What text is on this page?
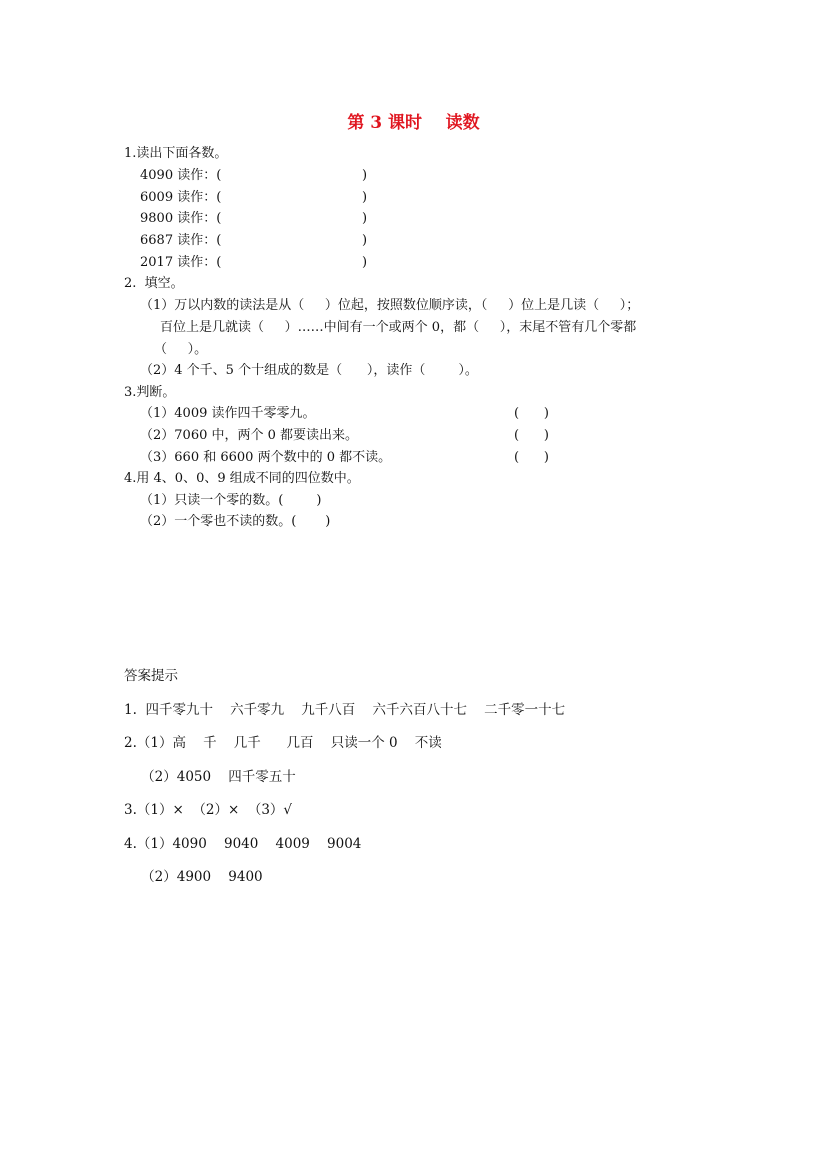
第 3 课时    读数
1.读出下面各数。
4090 读作：(	)
6009 读作：(	)
9800 读作：(	)
6687 读作：(	)
2017 读作：(	)
2.  填空。
（1）万以内数的读法是从（     ）位起，按照数位顺序读，（     ）位上是几读（     ）；
百位上是几就读（     ）……中间有一个或两个 0，都（     ），末尾不管有几个零都
（     ）。
（2）4 个千、5 个十组成的数是（      ），读作（        ）。
3.判断。
（1）4009 读作四千零零九。	(      )
（2）7060 中，两个 0 都要读出来。	(      )
（3）660 和 6600 两个数中的 0 都不读。	(      )
4.用 4、0、0、9 组成不同的四位数中。
（1）只读一个零的数。(        )
（2）一个零也不读的数。(       )
答案提示
1.  四千零九十    六千零九    九千八百    六千六百八十七    二千零一十七
2.（1）高    千    几千      几百    只读一个 0    不读
（2）4050    四千零五十
3.（1）×  （2）×  （3）√
4.（1）4090    9040    4009    9004
（2）4900    9400
